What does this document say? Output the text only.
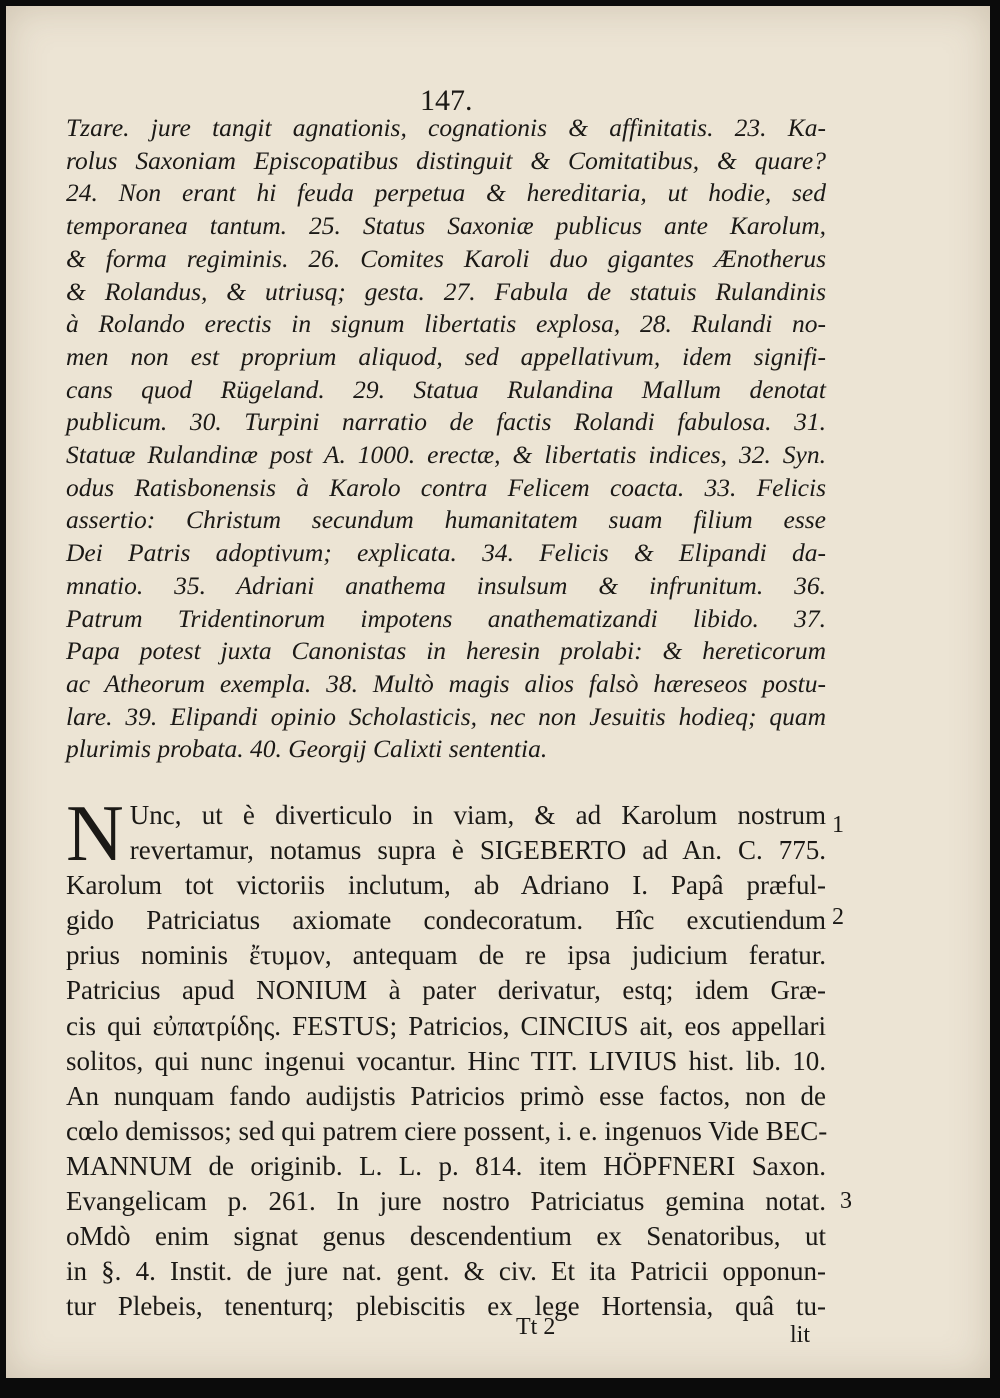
147.
Tzare. jure tangit agnationis, cognationis & affinitatis. 23. Ka-
rolus Saxoniam Episcopatibus distinguit & Comitatibus, & quare?
24. Non erant hi feuda perpetua & hereditaria, ut hodie, sed
temporanea tantum. 25. Status Saxoniæ publicus ante Karolum,
& forma regiminis. 26. Comites Karoli duo gigantes Ænotherus
& Rolandus, & utriusq; gesta. 27. Fabula de statuis Rulandinis
à Rolando erectis in signum libertatis explosa, 28. Rulandi no-
men non est proprium aliquod, sed appellativum, idem signifi-
cans quod Rügeland. 29. Statua Rulandina Mallum denotat
publicum. 30. Turpini narratio de factis Rolandi fabulosa. 31.
Statuæ Rulandinæ post A. 1000. erectæ, & libertatis indices, 32. Syn.
odus Ratisbonensis à Karolo contra Felicem coacta. 33. Felicis
assertio: Christum secundum humanitatem suam filium esse
Dei Patris adoptivum; explicata. 34. Felicis & Elipandi da-
mnatio. 35. Adriani anathema insulsum & infrunitum. 36.
Patrum Tridentinorum impotens anathematizandi libido. 37.
Papa potest juxta Canonistas in heresin prolabi: & hereticorum
ac Atheorum exempla. 38. Multò magis alios falsò hæreseos postu-
lare. 39. Elipandi opinio Scholasticis, nec non Jesuitis hodieq; quam
plurimis probata. 40. Georgij Calixti sententia.
N Unc, ut è diverticulo in viam, & ad Karolum nostrum
revertamur, notamus supra è SIGEBERTO ad An. C. 775.
Karolum tot victoriis inclutum, ab Adriano I. Papâ præful-
gido Patriciatus axiomate condecoratum. Hîc excutiendum
prius nominis ἔτυμον, antequam de re ipsa judicium feratur.
Patricius apud NONIUM à pater derivatur, estq; idem Græ-
cis qui εὐπατρίδης. FESTUS; Patricios, CINCIUS ait, eos appellari
solitos, qui nunc ingenui vocantur. Hinc TIT. LIVIUS hist. lib. 10.
An nunquam fando audijstis Patricios primò esse factos, non de
cœlo demissos; sed qui patrem ciere possent, i. e. ingenuos Vide BEC-
MANNUM de originib. L. L. p. 814. item HÖPFNERI Saxon.
Evangelicam p. 261. In jure nostro Patriciatus gemina notat.
oMdò enim signat genus descendentium ex Senatoribus, ut
in §. 4. Instit. de jure nat. gent. & civ. Et ita Patricii opponun-
tur Plebeis, tenenturq; plebiscitis ex lege Hortensia, quâ tu-
1
2
3
Tt 2	lit
